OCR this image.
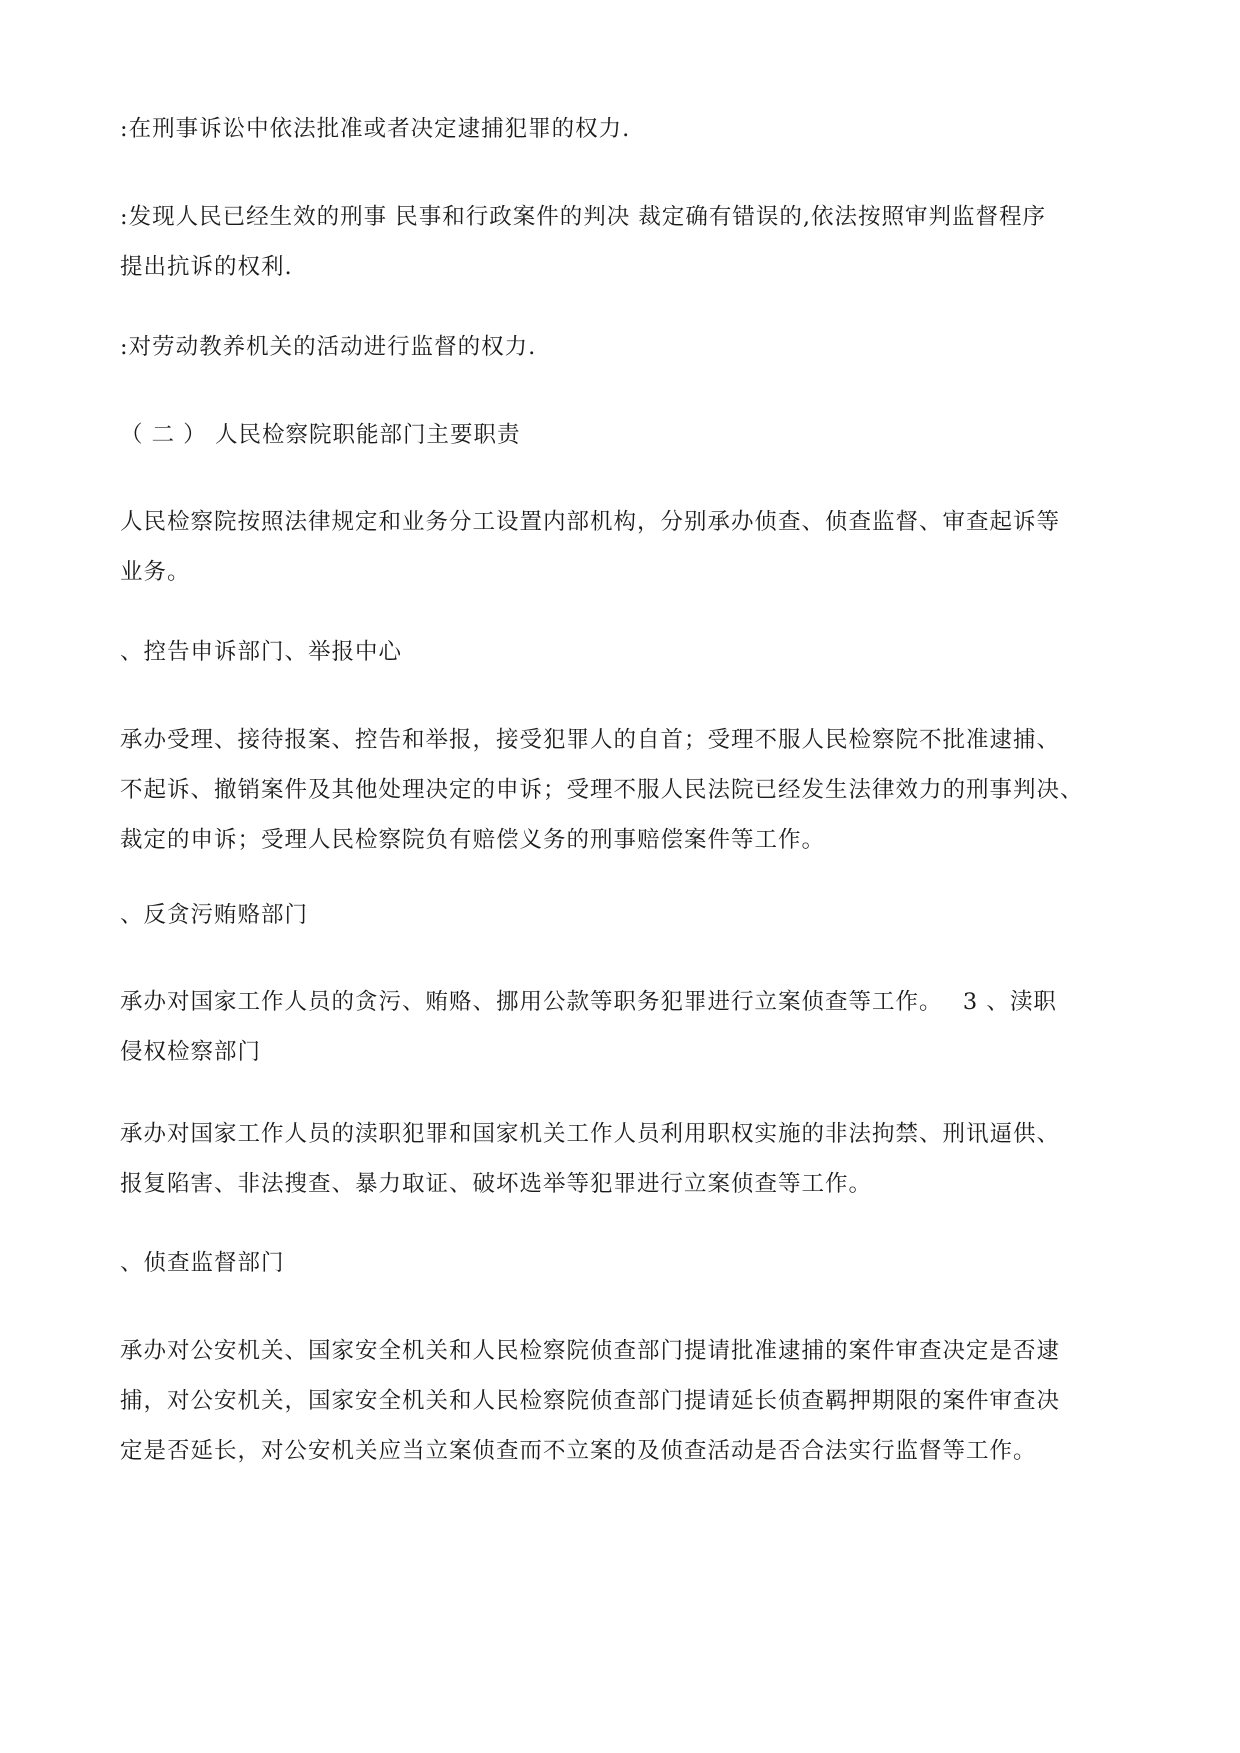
:在刑事诉讼中依法批准或者决定逮捕犯罪的权力.

:发现人民已经生效的刑事 民事和行政案件的判决 裁定确有错误的,依法按照审判监督程序
提出抗诉的权利.

:对劳动教养机关的活动进行监督的权力.

（ 二 ） 人民检察院职能部门主要职责

人民检察院按照法律规定和业务分工设置内部机构，分别承办侦查、侦查监督、审查起诉等
业务。

、控告申诉部门、举报中心

承办受理、接待报案、控告和举报，接受犯罪人的自首；受理不服人民检察院不批准逮捕、
不起诉、撤销案件及其他处理决定的申诉；受理不服人民法院已经发生法律效力的刑事判决、
裁定的申诉；受理人民检察院负有赔偿义务的刑事赔偿案件等工作。

、反贪污贿赂部门

承办对国家工作人员的贪污、贿赂、挪用公款等职务犯罪进行立案侦查等工作。　 3 、渎职
侵权检察部门

承办对国家工作人员的渎职犯罪和国家机关工作人员利用职权实施的非法拘禁、刑讯逼供、
报复陷害、非法搜查、暴力取证、破坏选举等犯罪进行立案侦查等工作。

、侦查监督部门

承办对公安机关、国家安全机关和人民检察院侦查部门提请批准逮捕的案件审查决定是否逮
捕，对公安机关，国家安全机关和人民检察院侦查部门提请延长侦查羁押期限的案件审查决
定是否延长，对公安机关应当立案侦查而不立案的及侦查活动是否合法实行监督等工作。
